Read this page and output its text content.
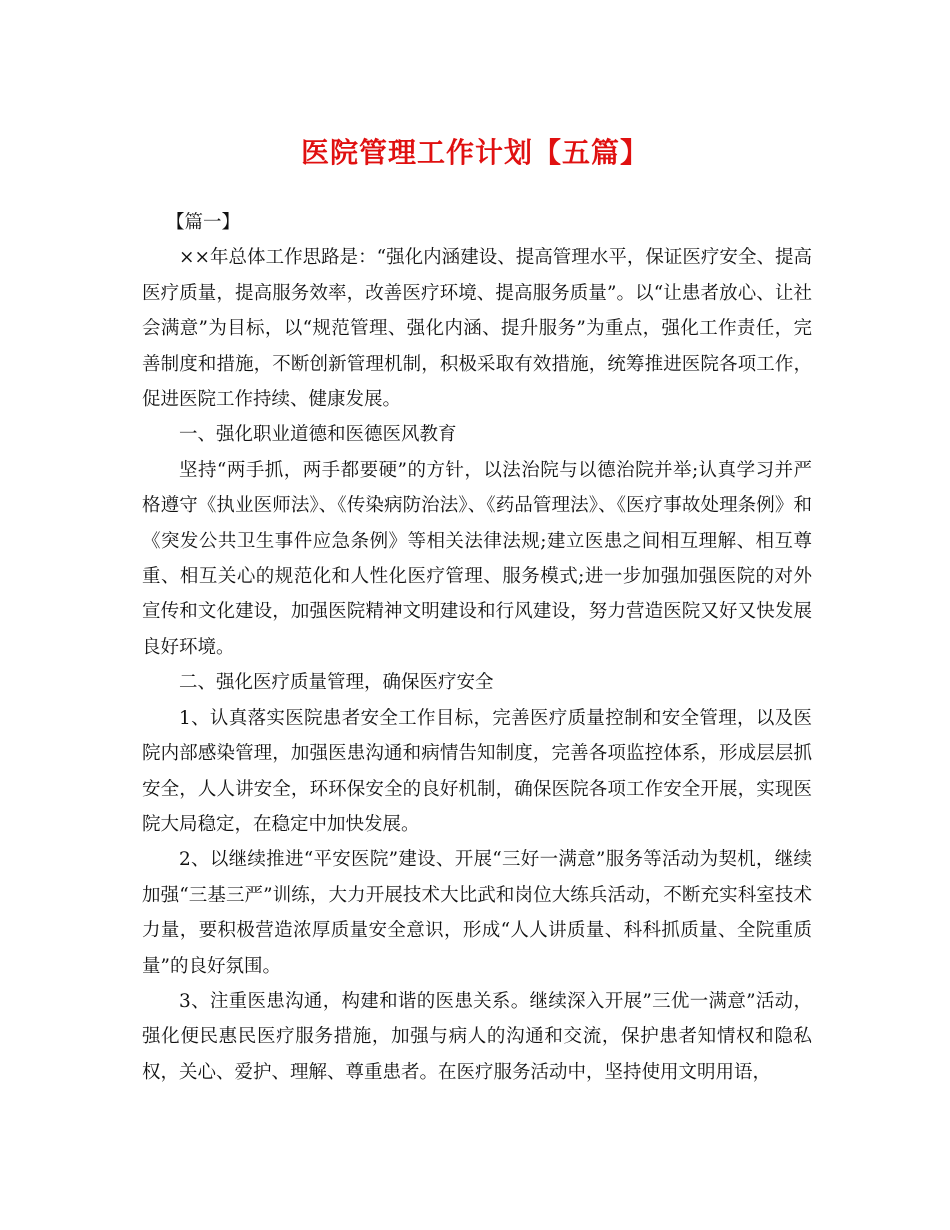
医院管理工作计划【五篇】

【篇一】

××年总体工作思路是：“强化内涵建设、提高管理水平，保证医疗安全、提高医疗质量，提高服务效率，改善医疗环境、提高服务质量”。以“让患者放心、让社会满意”为目标，以“规范管理、强化内涵、提升服务”为重点，强化工作责任，完善制度和措施，不断创新管理机制，积极采取有效措施，统筹推进医院各项工作，促进医院工作持续、健康发展。

一、强化职业道德和医德医风教育

坚持“两手抓，两手都要硬”的方针，以法治院与以德治院并举;认真学习并严格遵守《执业医师法》、《传染病防治法》、《药品管理法》、《医疗事故处理条例》和《突发公共卫生事件应急条例》等相关法律法规;建立医患之间相互理解、相互尊重、相互关心的规范化和人性化医疗管理、服务模式;进一步加强加强医院的对外宣传和文化建设，加强医院精神文明建设和行风建设，努力营造医院又好又快发展良好环境。

二、强化医疗质量管理，确保医疗安全

1、认真落实医院患者安全工作目标，完善医疗质量控制和安全管理，以及医院内部感染管理，加强医患沟通和病情告知制度，完善各项监控体系，形成层层抓安全，人人讲安全，环环保安全的良好机制，确保医院各项工作安全开展，实现医院大局稳定，在稳定中加快发展。

2、以继续推进“平安医院”建设、开展“三好一满意”服务等活动为契机，继续加强“三基三严”训练，大力开展技术大比武和岗位大练兵活动，不断充实科室技术力量，要积极营造浓厚质量安全意识，形成“人人讲质量、科科抓质量、全院重质量”的良好氛围。

3、注重医患沟通，构建和谐的医患关系。继续深入开展”三优一满意”活动，强化便民惠民医疗服务措施，加强与病人的沟通和交流，保护患者知情权和隐私权，关心、爱护、理解、尊重患者。在医疗服务活动中，坚持使用文明用语，
